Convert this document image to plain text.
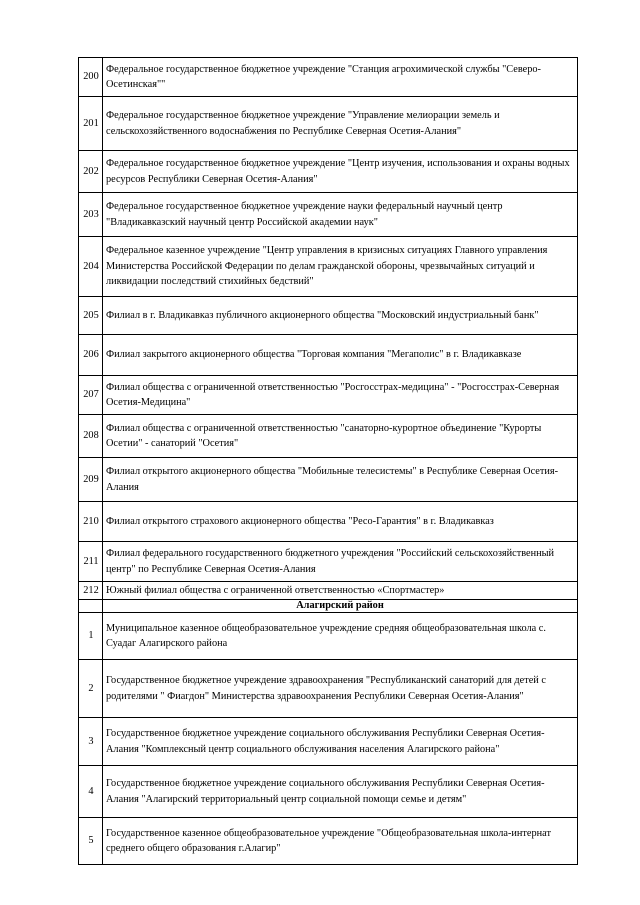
200	Федеральное государственное бюджетное учреждение "Станция агрохимической службы "Северо-Осетинская""
201	Федеральное государственное бюджетное учреждение "Управление мелиорации земель и сельскохозяйственного водоснабжения по Республике Северная Осетия-Алания"
202	Федеральное государственное бюджетное учреждение "Центр изучения, использования и охраны водных ресурсов Республики Северная Осетия-Алания"
203	Федеральное государственное бюджетное учреждение науки федеральный научный центр "Владикавказский научный центр Российской академии наук"
204	Федеральное казенное учреждение "Центр управления в кризисных ситуациях Главного управления Министерства Российской Федерации по делам гражданской обороны, чрезвычайных ситуаций и ликвидации последствий стихийных бедствий"
205	Филиал в г. Владикавказ публичного акционерного общества "Московский индустриальный банк"
206	Филиал закрытого акционерного общества "Торговая компания "Мегаполис" в г. Владикавказе
207	Филиал общества с ограниченной ответственностью "Росгосстрах-медицина" - "Росгосстрах-Северная Осетия-Медицина"
208	Филиал общества с ограниченной ответственностью "санаторно-курортное объединение "Курорты Осетии" - санаторий "Осетия"
209	Филиал открытого акционерного общества "Мобильные телесистемы" в Республике Северная Осетия-Алания
210	Филиал открытого страхового акционерного общества "Ресо-Гарантия" в г. Владикавказ
211	Филиал федерального государственного бюджетного учреждения "Российский сельскохозяйственный центр" по Республике Северная Осетия-Алания
212	Южный филиал общества с ограниченной ответственностью «Спортмастер»
	Алагирский район
1	Муниципальное казенное общеобразовательное учреждение средняя общеобразовательная школа с. Суадаг Алагирского района
2	Государственное бюджетное учреждение здравоохранения "Республиканский санаторий для детей с родителями " Фиагдон" Министерства здравоохранения Республики Северная Осетия-Алания"
3	Государственное бюджетное учреждение социального обслуживания Республики Северная Осетия-Алания "Комплексный центр социального обслуживания населения Алагирского района"
4	Государственное бюджетное учреждение социального обслуживания Республики Северная Осетия-Алания "Алагирский территориальный центр социальной помощи семье и детям"
5	Государственное казенное общеобразовательное учреждение "Общеобразовательная школа-интернат среднего общего образования г.Алагир"
